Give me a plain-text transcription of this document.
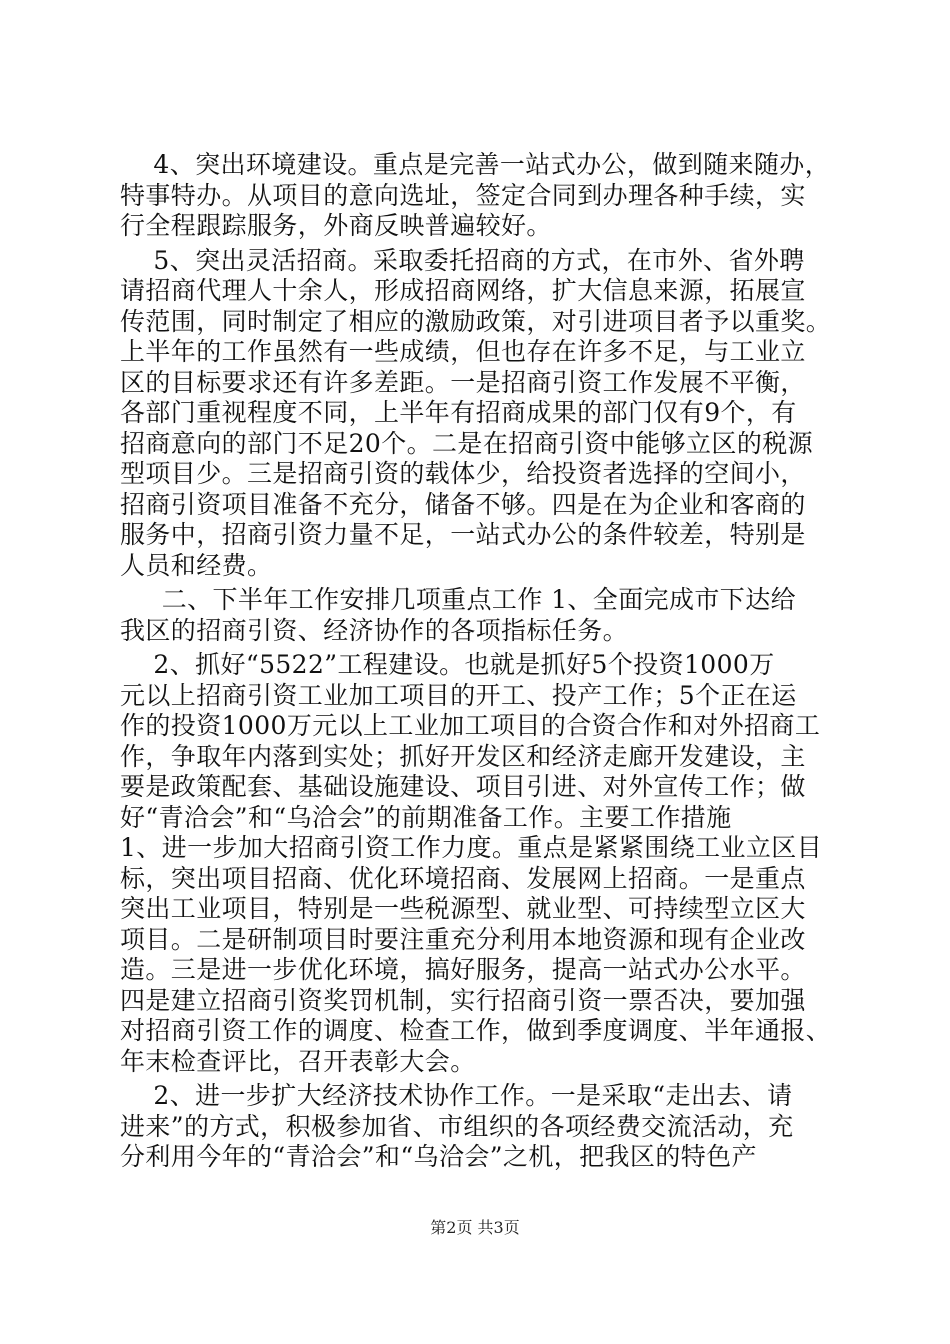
4、突出环境建设。重点是完善一站式办公，做到随来随办，
特事特办。从项目的意向选址，签定合同到办理各种手续，实
行全程跟踪服务，外商反映普遍较好。
5、突出灵活招商。采取委托招商的方式，在市外、省外聘
请招商代理人十余人，形成招商网络，扩大信息来源，拓展宣
传范围，同时制定了相应的激励政策，对引进项目者予以重奖。
上半年的工作虽然有一些成绩，但也存在许多不足，与工业立
区的目标要求还有许多差距。一是招商引资工作发展不平衡，
各部门重视程度不同，上半年有招商成果的部门仅有9个，有
招商意向的部门不足20个。二是在招商引资中能够立区的税源
型项目少。三是招商引资的载体少，给投资者选择的空间小，
招商引资项目准备不充分，储备不够。四是在为企业和客商的
服务中，招商引资力量不足，一站式办公的条件较差，特别是
人员和经费。
二、下半年工作安排几项重点工作 1、全面完成市下达给
我区的招商引资、经济协作的各项指标任务。
2、抓好“5522”工程建设。也就是抓好5个投资1000万
元以上招商引资工业加工项目的开工、投产工作；5个正在运
作的投资1000万元以上工业加工项目的合资合作和对外招商工
作，争取年内落到实处；抓好开发区和经济走廊开发建设，主
要是政策配套、基础设施建设、项目引进、对外宣传工作；做
好“青洽会”和“乌洽会”的前期准备工作。主要工作措施
1、进一步加大招商引资工作力度。重点是紧紧围绕工业立区目
标，突出项目招商、优化环境招商、发展网上招商。一是重点
突出工业项目，特别是一些税源型、就业型、可持续型立区大
项目。二是研制项目时要注重充分利用本地资源和现有企业改
造。三是进一步优化环境，搞好服务，提高一站式办公水平。
四是建立招商引资奖罚机制，实行招商引资一票否决，要加强
对招商引资工作的调度、检查工作，做到季度调度、半年通报、
年末检查评比，召开表彰大会。
2、进一步扩大经济技术协作工作。一是采取“走出去、请
进来”的方式，积极参加省、市组织的各项经费交流活动，充
分利用今年的“青洽会”和“乌洽会”之机，把我区的特色产
第2页 共3页
